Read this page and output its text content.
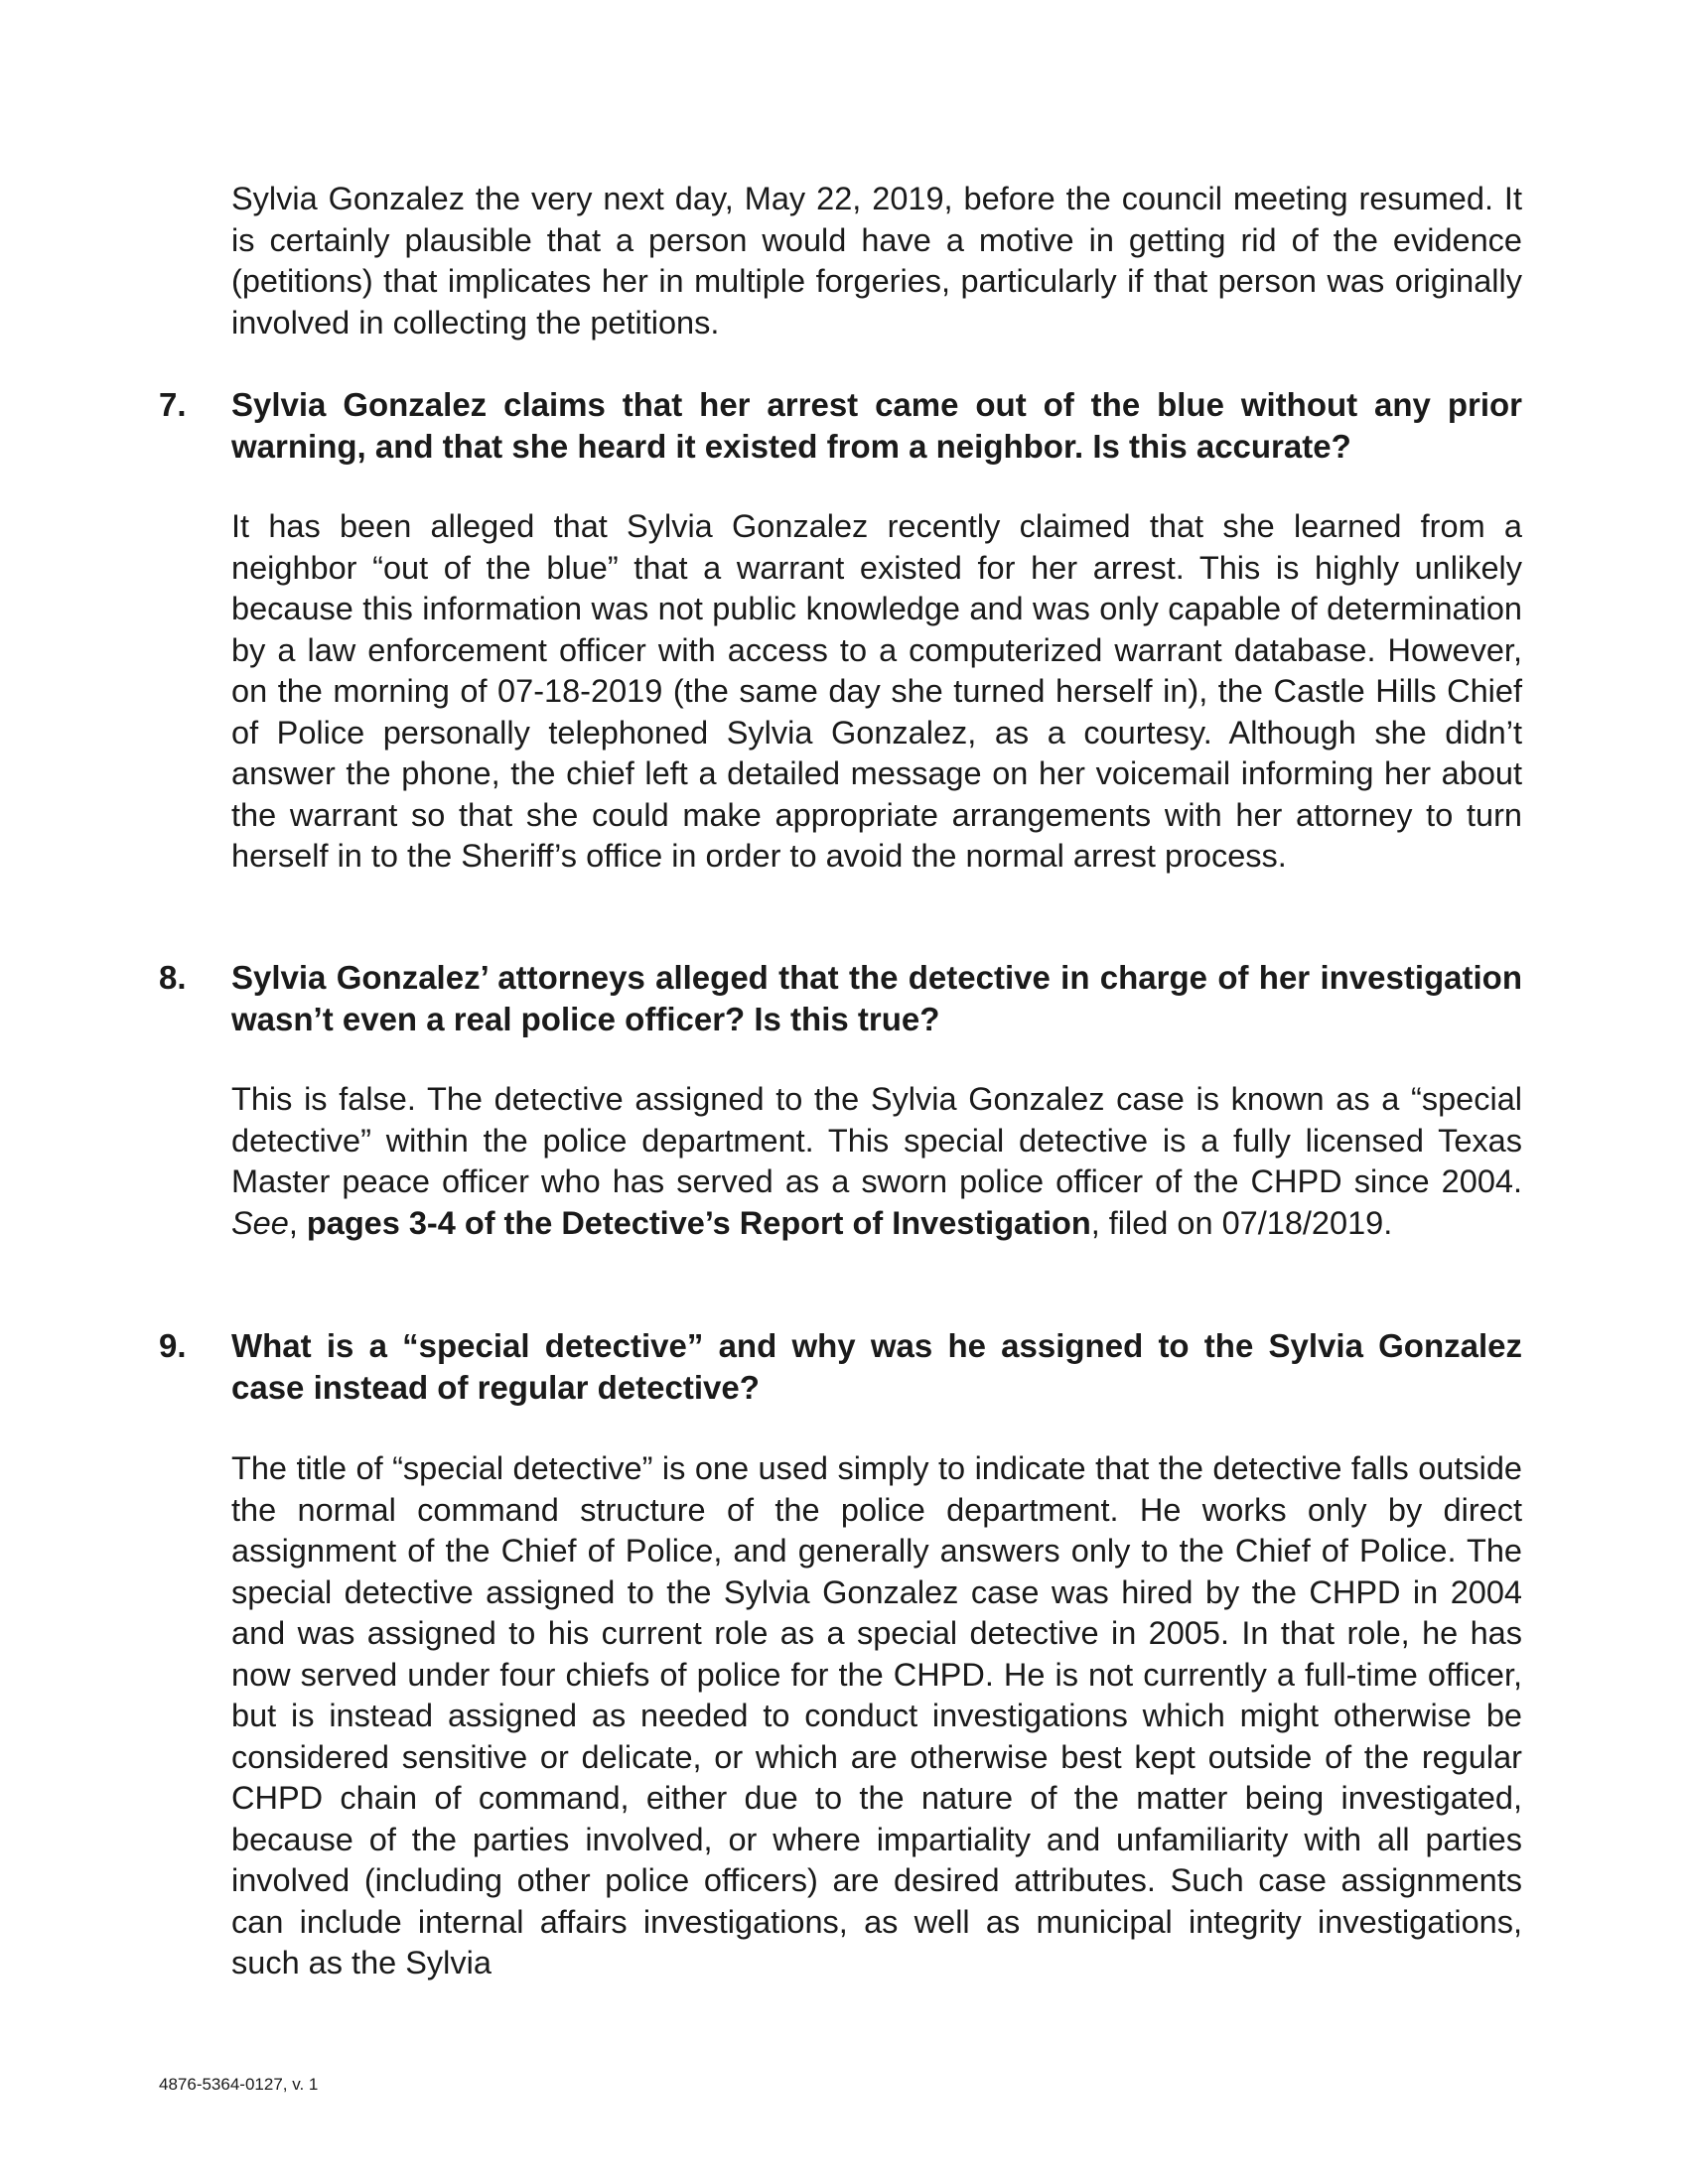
Sylvia Gonzalez the very next day, May 22, 2019, before the council meeting resumed. It is certainly plausible that a person would have a motive in getting rid of the evidence (petitions) that implicates her in multiple forgeries, particularly if that person was originally involved in collecting the petitions.

7. Sylvia Gonzalez claims that her arrest came out of the blue without any prior warning, and that she heard it existed from a neighbor. Is this accurate?

It has been alleged that Sylvia Gonzalez recently claimed that she learned from a neighbor “out of the blue” that a warrant existed for her arrest. This is highly unlikely because this information was not public knowledge and was only capable of determination by a law enforcement officer with access to a computerized warrant database. However, on the morning of 07-18-2019 (the same day she turned herself in), the Castle Hills Chief of Police personally telephoned Sylvia Gonzalez, as a courtesy. Although she didn’t answer the phone, the chief left a detailed message on her voicemail informing her about the warrant so that she could make appropriate arrangements with her attorney to turn herself in to the Sheriff’s office in order to avoid the normal arrest process.

8. Sylvia Gonzalez’ attorneys alleged that the detective in charge of her investigation wasn’t even a real police officer? Is this true?

This is false. The detective assigned to the Sylvia Gonzalez case is known as a “special detective” within the police department. This special detective is a fully licensed Texas Master peace officer who has served as a sworn police officer of the CHPD since 2004. See, pages 3-4 of the Detective’s Report of Investigation, filed on 07/18/2019.

9. What is a “special detective” and why was he assigned to the Sylvia Gonzalez case instead of regular detective?

The title of “special detective” is one used simply to indicate that the detective falls outside the normal command structure of the police department. He works only by direct assignment of the Chief of Police, and generally answers only to the Chief of Police. The special detective assigned to the Sylvia Gonzalez case was hired by the CHPD in 2004 and was assigned to his current role as a special detective in 2005. In that role, he has now served under four chiefs of police for the CHPD. He is not currently a full-time officer, but is instead assigned as needed to conduct investigations which might otherwise be considered sensitive or delicate, or which are otherwise best kept outside of the regular CHPD chain of command, either due to the nature of the matter being investigated, because of the parties involved, or where impartiality and unfamiliarity with all parties involved (including other police officers) are desired attributes. Such case assignments can include internal affairs investigations, as well as municipal integrity investigations, such as the Sylvia

4876-5364-0127, v. 1
